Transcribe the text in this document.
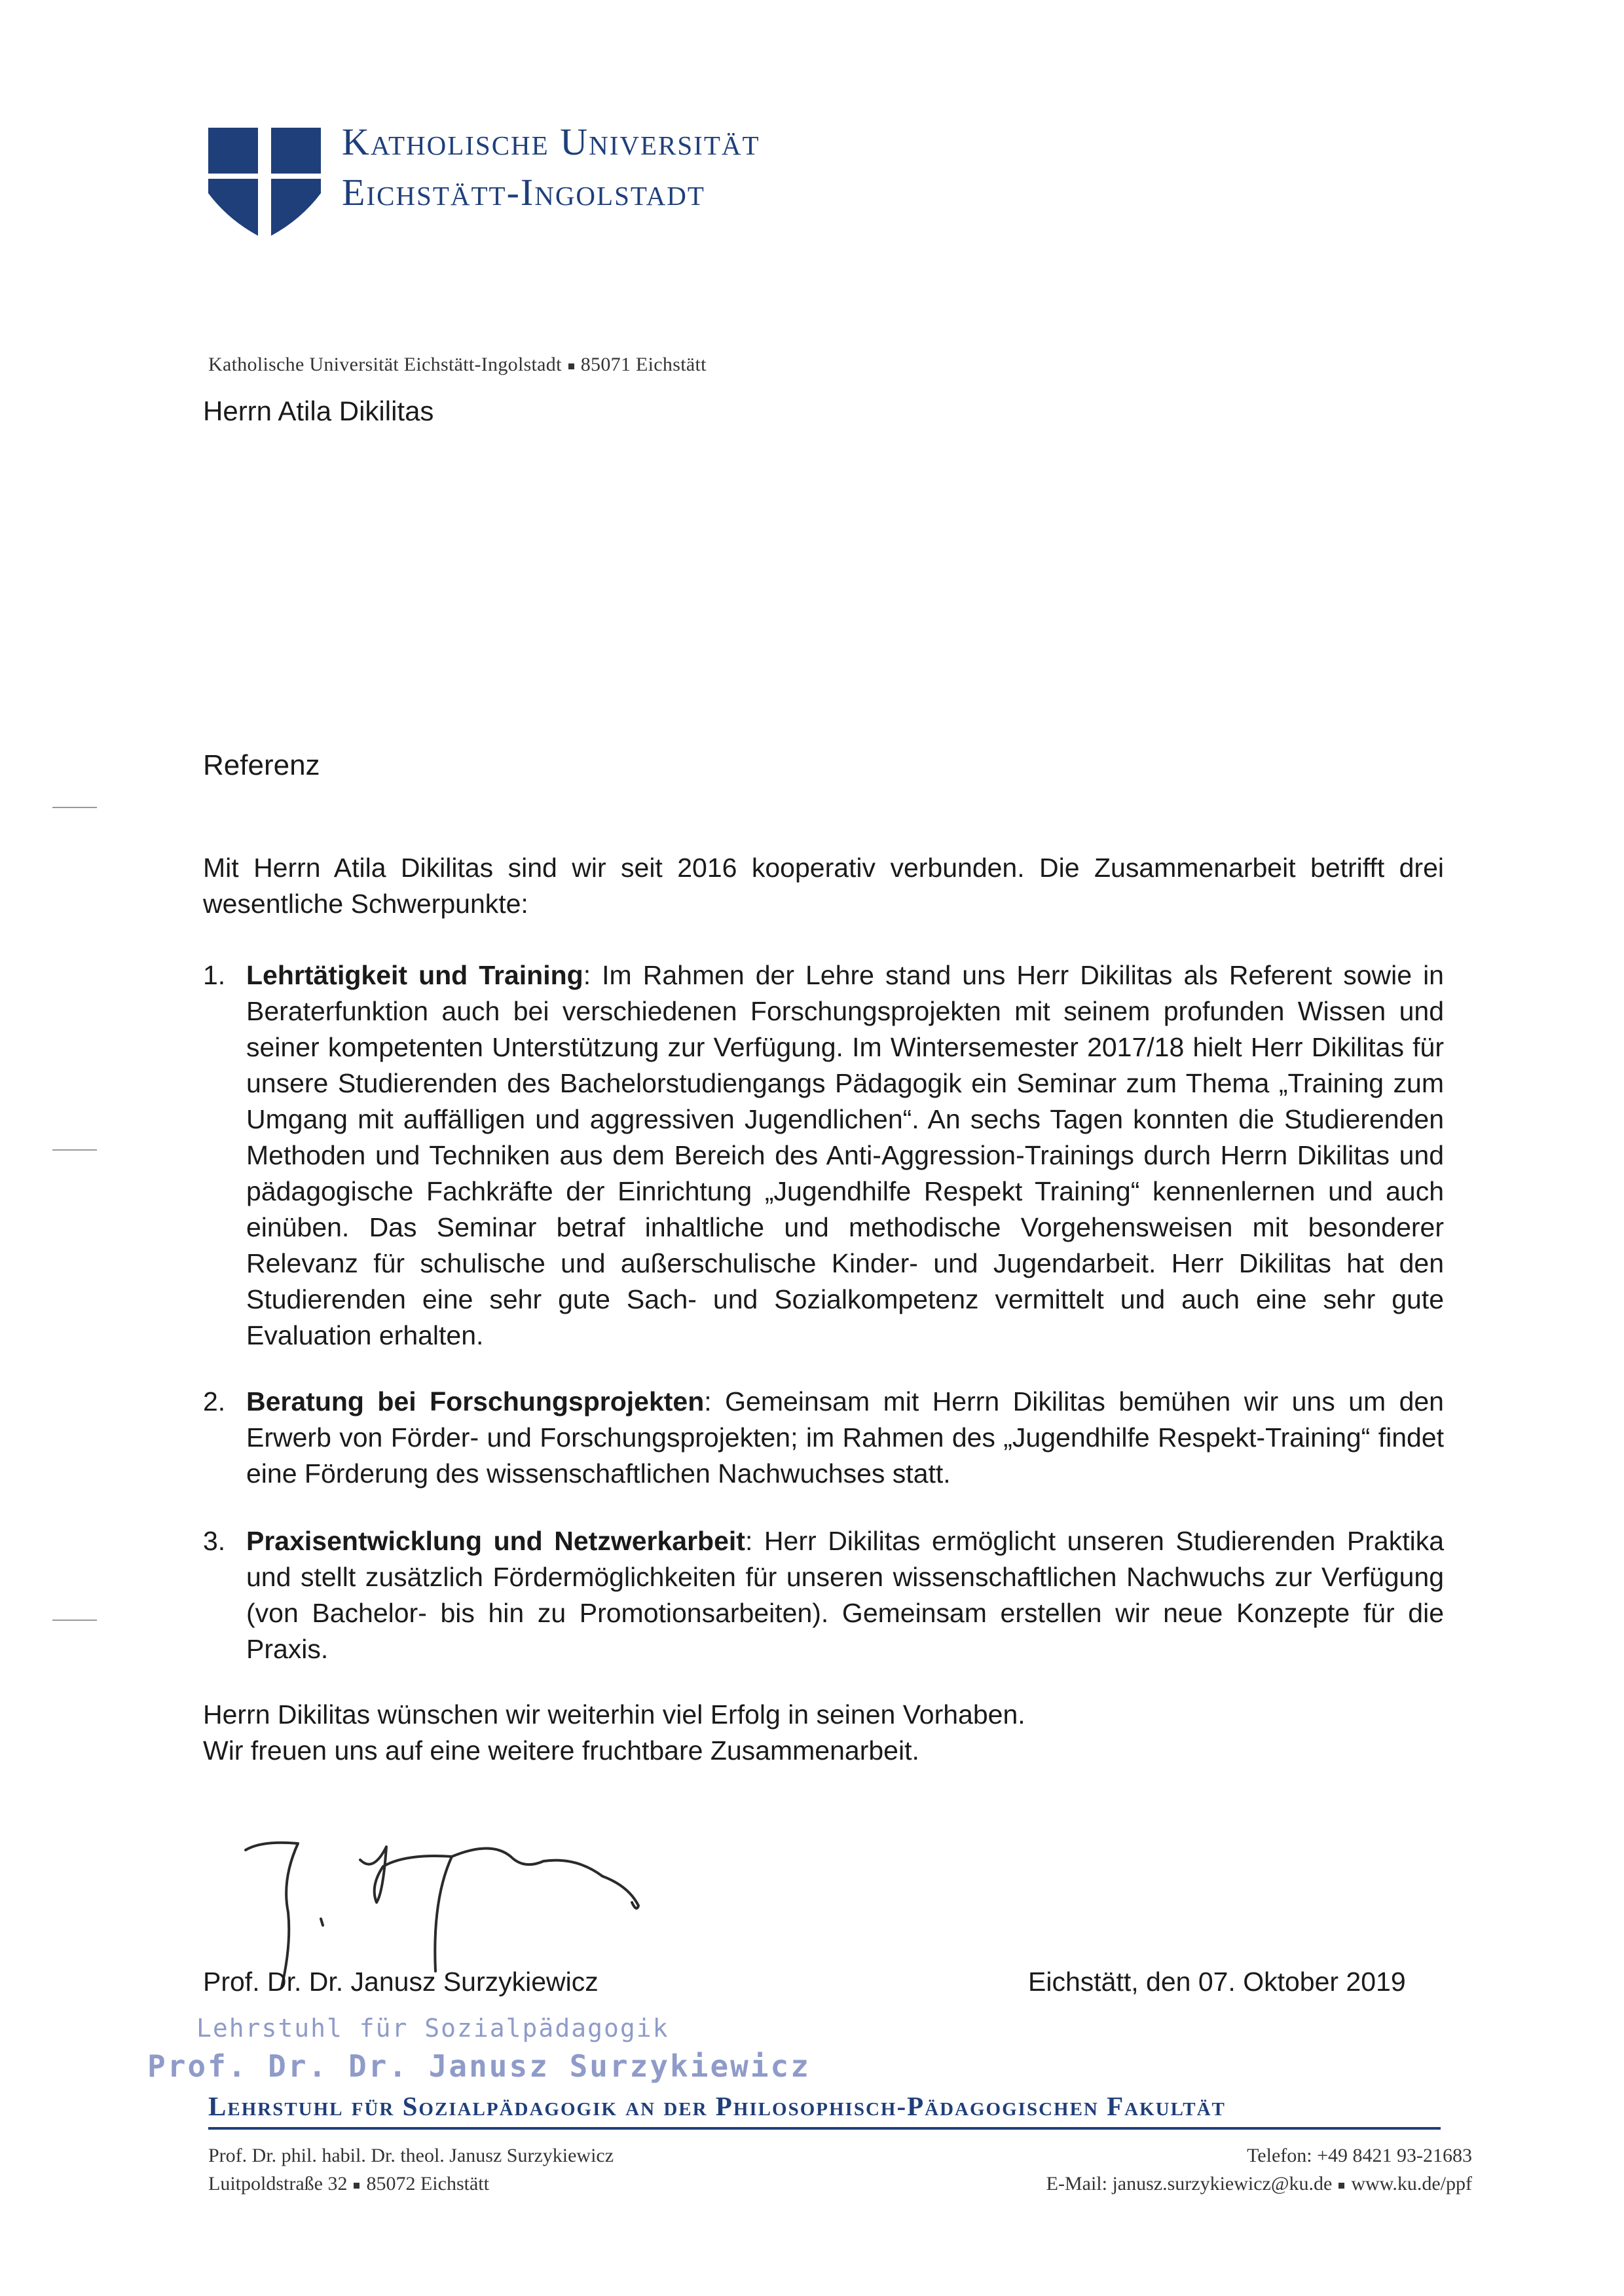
Katholische Universität
Eichstätt-Ingolstadt
Katholische Universität Eichstätt-Ingolstadt 85071 Eichstätt
Herrn Atila Dikilitas
Referenz
Mit Herrn Atila Dikilitas sind wir seit 2016 kooperativ verbunden. Die Zusammenarbeit betrifft drei wesentliche Schwerpunkte:
1. Lehrtätigkeit und Training: Im Rahmen der Lehre stand uns Herr Dikilitas als Referent sowie in Beraterfunktion auch bei verschiedenen Forschungsprojekten mit seinem profunden Wissen und seiner kompetenten Unterstützung zur Verfügung. Im Wintersemester 2017/18 hielt Herr Dikilitas für unsere Studierenden des Bachelorstudiengangs Pädagogik ein Seminar zum Thema „Training zum Umgang mit auffälligen und aggressiven Jugendlichen“. An sechs Tagen konnten die Studierenden Methoden und Techniken aus dem Bereich des Anti-Aggression-Trainings durch Herrn Dikilitas und pädagogische Fachkräfte der Einrichtung „Jugendhilfe Respekt Training“ kennenlernen und auch einüben. Das Seminar betraf inhaltliche und methodische Vorgehensweisen mit besonderer Relevanz für schulische und außerschulische Kinder- und Jugendarbeit. Herr Dikilitas hat den Studierenden eine sehr gute Sach- und Sozialkompetenz vermittelt und auch eine sehr gute Evaluation erhalten.
2. Beratung bei Forschungsprojekten: Gemeinsam mit Herrn Dikilitas bemühen wir uns um den Erwerb von Förder- und Forschungsprojekten; im Rahmen des „Jugendhilfe Respekt-Training“ findet eine Förderung des wissenschaftlichen Nachwuchses statt.
3. Praxisentwicklung und Netzwerkarbeit: Herr Dikilitas ermöglicht unseren Studierenden Praktika und stellt zusätzlich Fördermöglichkeiten für unseren wissenschaftlichen Nachwuchs zur Verfügung (von Bachelor- bis hin zu Promotionsarbeiten). Gemeinsam erstellen wir neue Konzepte für die Praxis.
Herrn Dikilitas wünschen wir weiterhin viel Erfolg in seinen Vorhaben.
Wir freuen uns auf eine weitere fruchtbare Zusammenarbeit.
Prof. Dr. Dr. Janusz Surzykiewicz	Eichstätt, den 07. Oktober 2019
Lehrstuhl für Sozialpädagogik
Prof. Dr. Dr. Janusz Surzykiewicz
Lehrstuhl für Sozialpädagogik an der Philosophisch-Pädagogischen Fakultät
Prof. Dr. phil. habil. Dr. theol. Janusz Surzykiewicz
Luitpoldstraße 32 85072 Eichstätt
Telefon: +49 8421 93-21683
E-Mail: janusz.surzykiewicz@ku.de www.ku.de/ppf
